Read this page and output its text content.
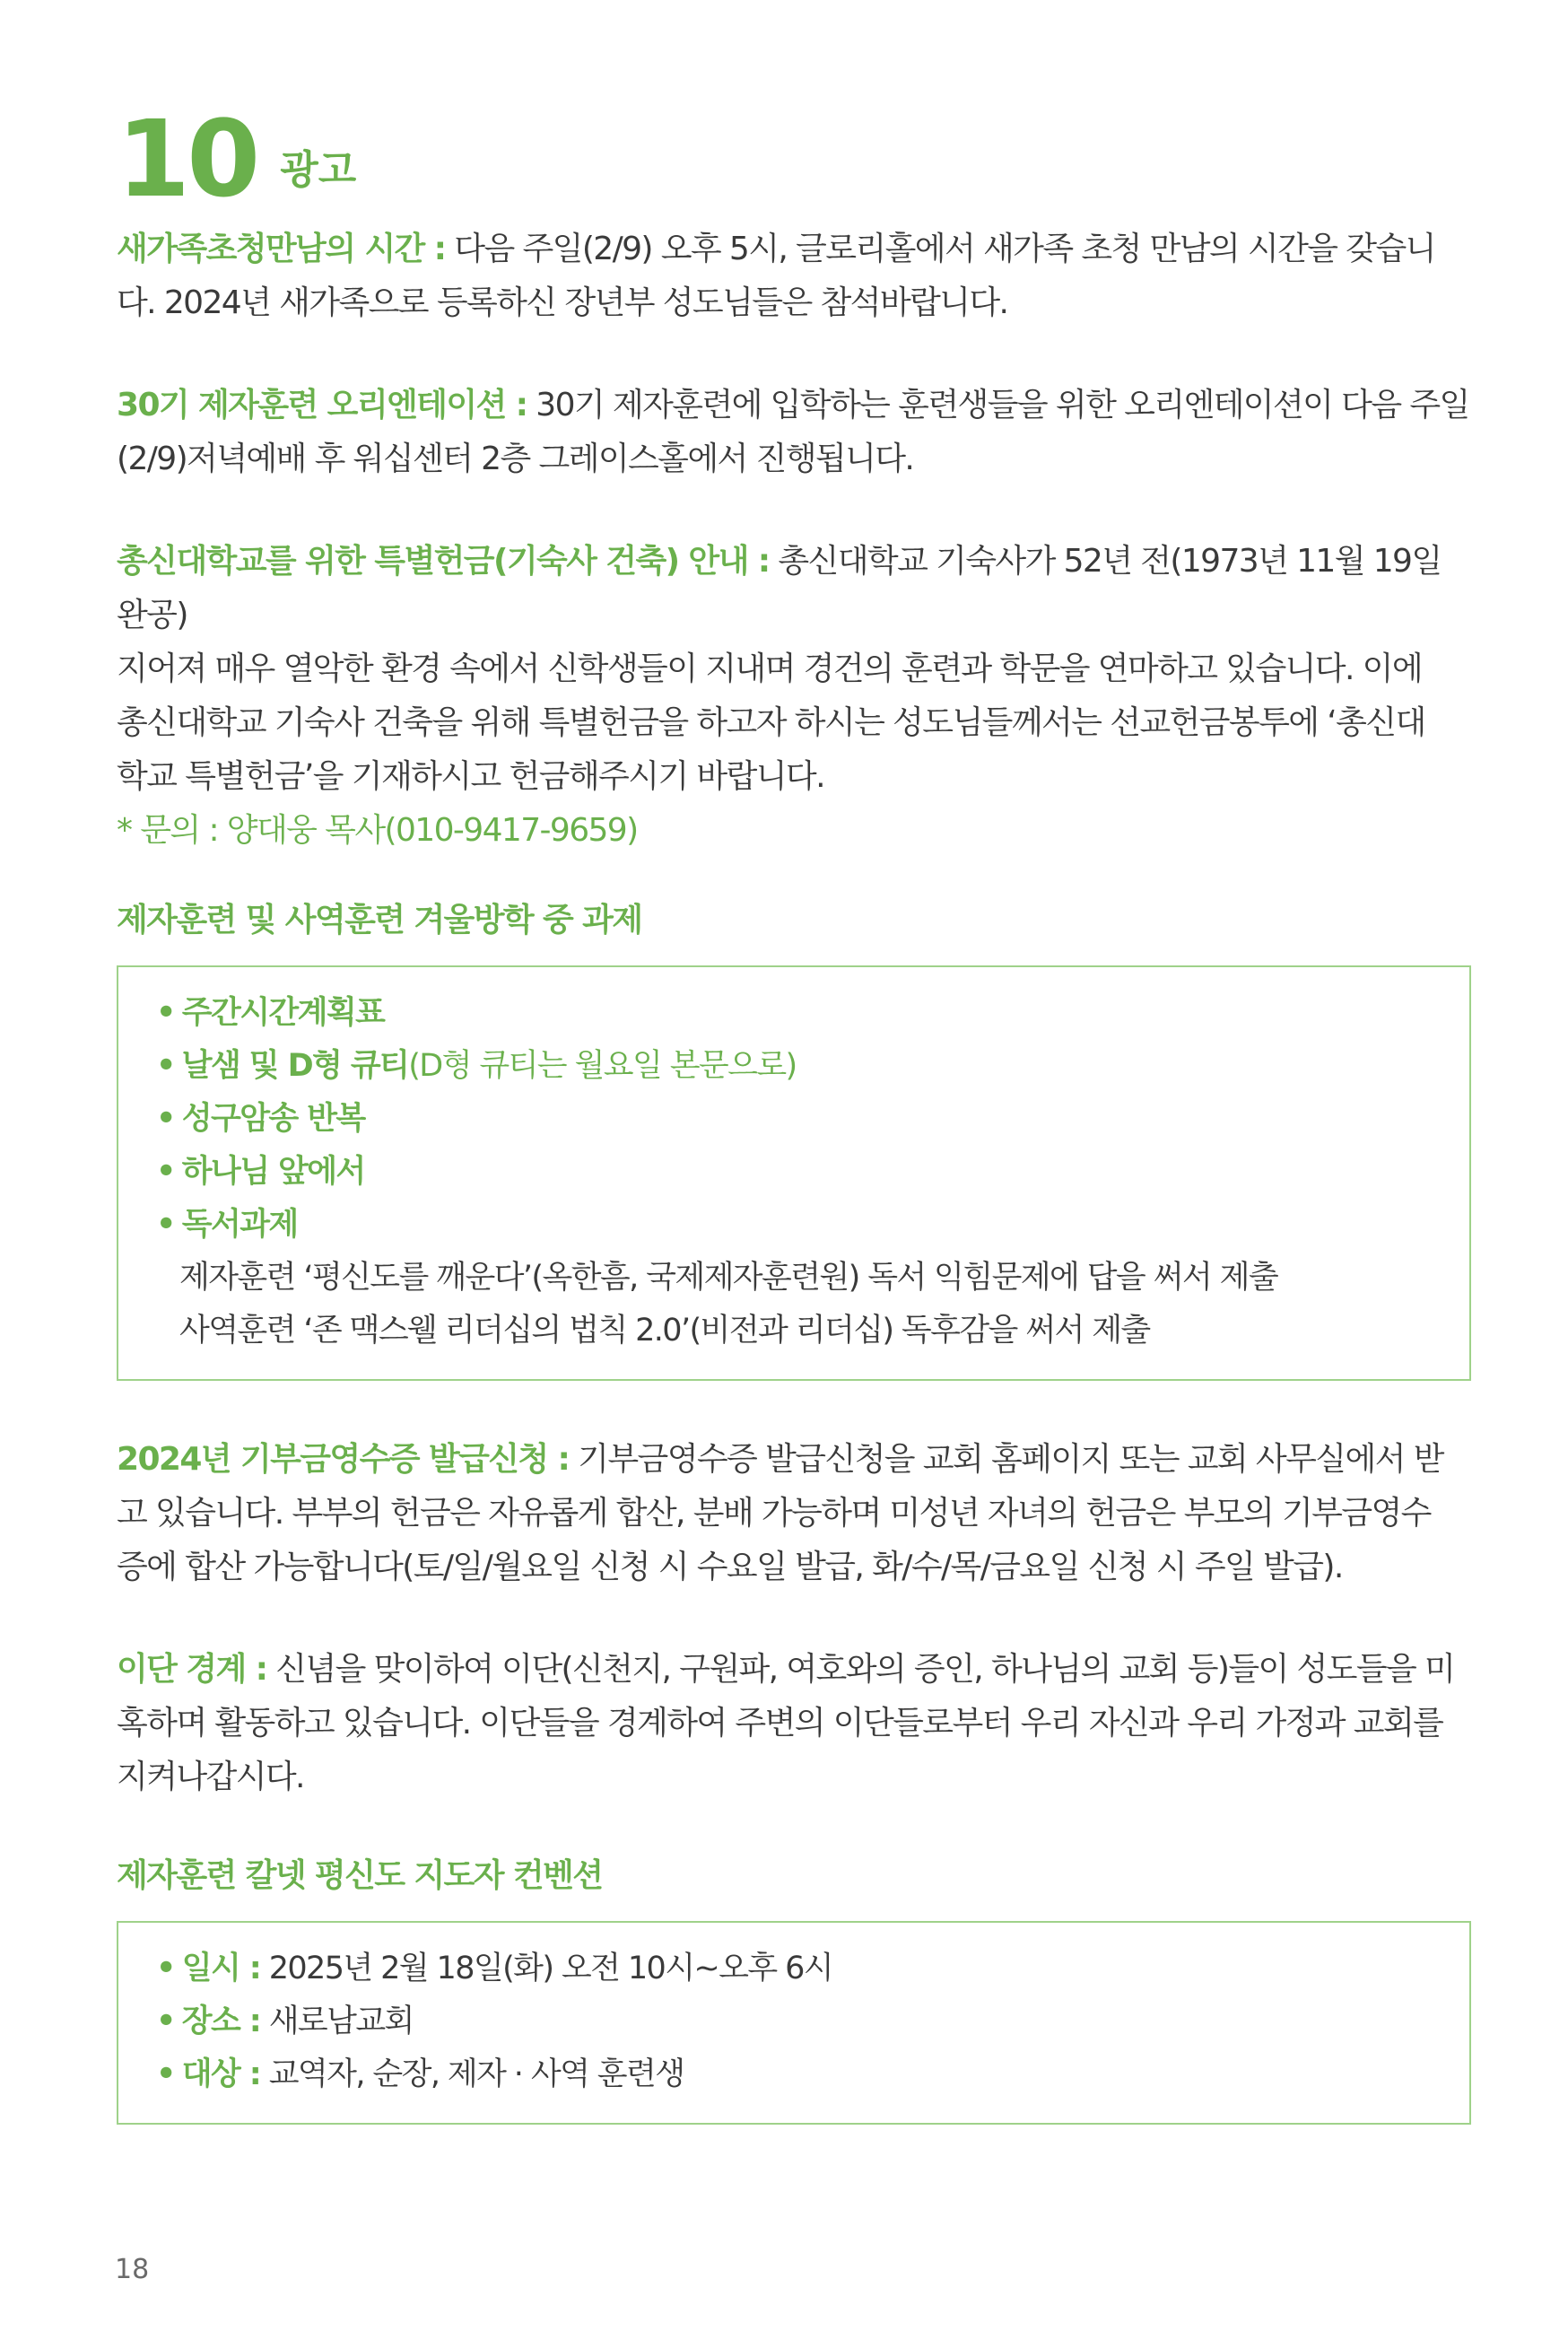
10 광고

새가족초청만남의 시간 : 다음 주일(2/9) 오후 5시, 글로리홀에서 새가족 초청 만남의 시간을 갖습니

다. 2024년 새가족으로 등록하신 장년부 성도님들은 참석바랍니다.

30기 제자훈련 오리엔테이션 : 30기 제자훈련에 입학하는 훈련생들을 위한 오리엔테이션이 다음 주일

(2/9)저녁예배 후 워십센터 2층 그레이스홀에서 진행됩니다.

총신대학교를 위한 특별헌금(기숙사 건축) 안내 : 총신대학교 기숙사가 52년 전(1973년 11월 19일 완공)

지어져 매우 열악한 환경 속에서 신학생들이 지내며 경건의 훈련과 학문을 연마하고 있습니다. 이에

총신대학교 기숙사 건축을 위해 특별헌금을 하고자 하시는 성도님들께서는 선교헌금봉투에 ‘총신대

학교 특별헌금’을 기재하시고 헌금해주시기 바랍니다.

* 문의 : 양대웅 목사(010-9417-9659)

제자훈련 및 사역훈련 겨울방학 중 과제

• 주간시간계획표
• 날샘 및 D형 큐티(D형 큐티는 월요일 본문으로)
• 성구암송 반복
• 하나님 앞에서
• 독서과제
제자훈련 ‘평신도를 깨운다’(옥한흠, 국제제자훈련원) 독서 익힘문제에 답을 써서 제출
사역훈련 ‘존 맥스웰 리더십의 법칙 2.0’(비전과 리더십) 독후감을 써서 제출

2024년 기부금영수증 발급신청 : 기부금영수증 발급신청을 교회 홈페이지 또는 교회 사무실에서 받

고 있습니다. 부부의 헌금은 자유롭게 합산, 분배 가능하며 미성년 자녀의 헌금은 부모의 기부금영수

증에 합산 가능합니다(토/일/월요일 신청 시 수요일 발급, 화/수/목/금요일 신청 시 주일 발급).

이단 경계 : 신념을 맞이하여 이단(신천지, 구원파, 여호와의 증인, 하나님의 교회 등)들이 성도들을 미

혹하며 활동하고 있습니다. 이단들을 경계하여 주변의 이단들로부터 우리 자신과 우리 가정과 교회를

지켜나갑시다.

제자훈련 칼넷 평신도 지도자 컨벤션

• 일시 : 2025년 2월 18일(화) 오전 10시~오후 6시
• 장소 : 새로남교회
• 대상 : 교역자, 순장, 제자 · 사역 훈련생
18
